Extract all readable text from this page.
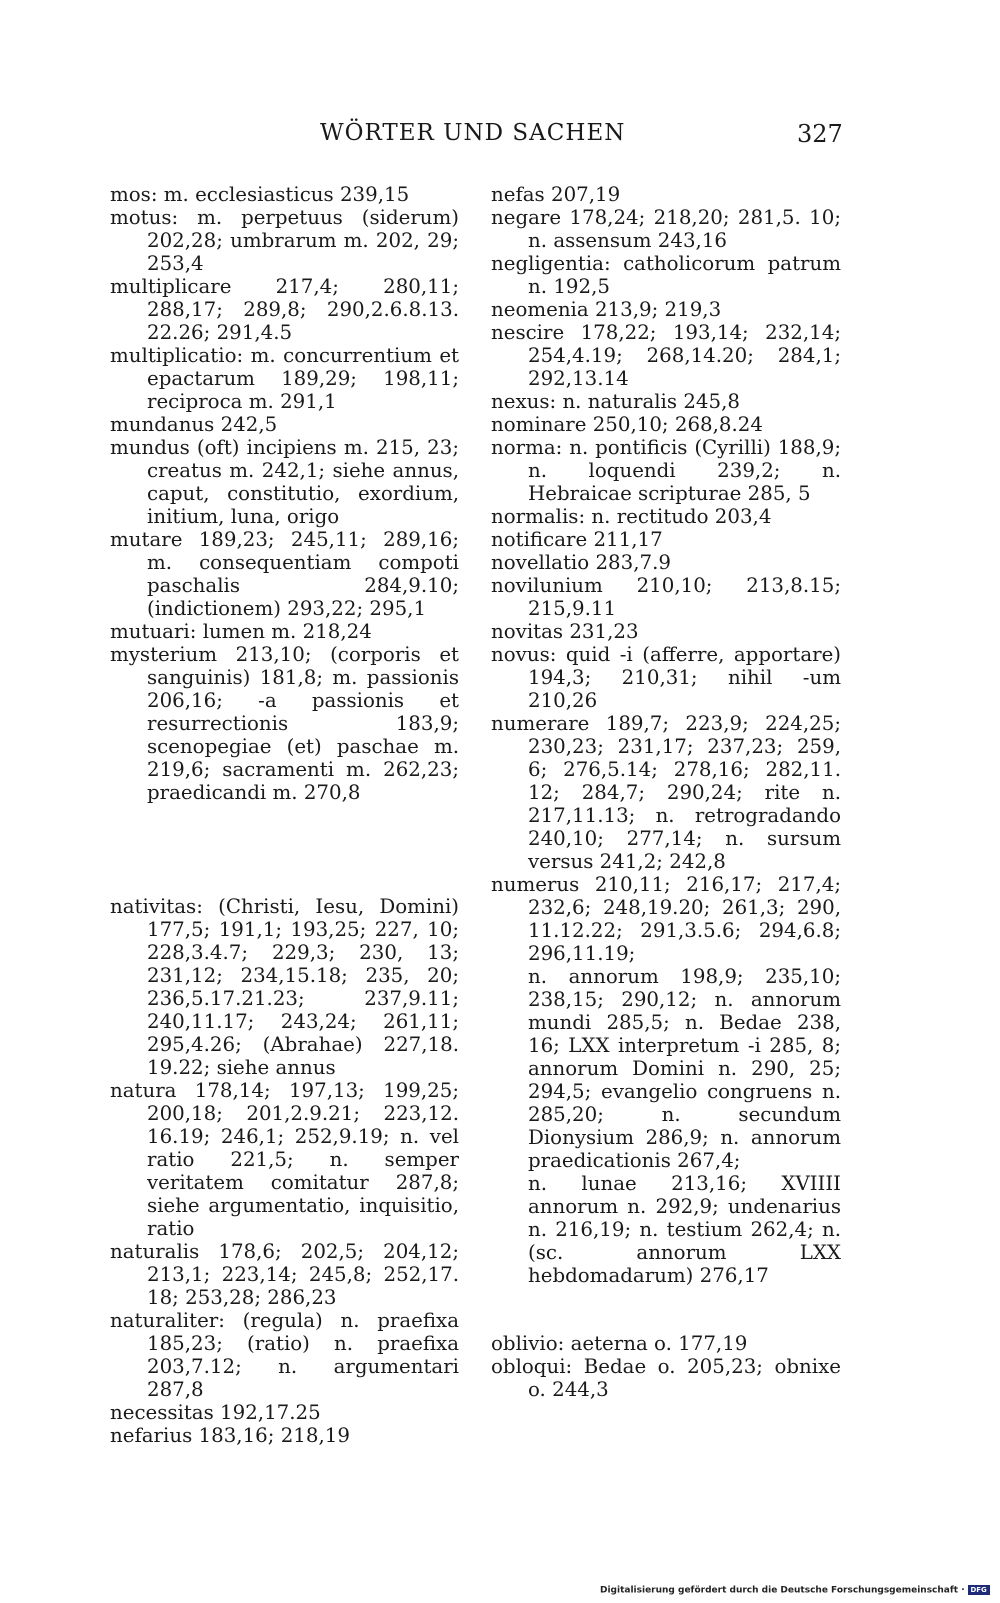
WÖRTER UND SACHEN	327

mos: m. ecclesiasticus 239,15

motus: m. perpetuus (siderum) 202,28; umbrarum m. 202, 29; 253,4

multiplicare 217,4; 280,11; 288,17; 289,8; 290,2.6.8.13. 22.26; 291,4.5

multiplicatio: m. concurrentium et epactarum 189,29; 198,11; reciproca m. 291,1

mundanus 242,5

mundus (oft) incipiens m. 215, 23; creatus m. 242,1; siehe annus, caput, constitutio, exordium, initium, luna, origo

mutare 189,23; 245,11; 289,16; m. consequentiam compoti paschalis 284,9.10; (indictionem) 293,22; 295,1

mutuari: lumen m. 218,24

mysterium 213,10; (corporis et sanguinis) 181,8; m. passionis 206,16; -a passionis et resurrectionis 183,9; scenopegiae (et) paschae m. 219,6; sacramenti m. 262,23; praedicandi m. 270,8

nativitas: (Christi, Iesu, Domini) 177,5; 191,1; 193,25; 227, 10; 228,3.4.7; 229,3; 230, 13; 231,12; 234,15.18; 235, 20; 236,5.17.21.23; 237,9.11; 240,11.17; 243,24; 261,11; 295,4.26; (Abrahae) 227,18. 19.22; siehe annus

natura 178,14; 197,13; 199,25; 200,18; 201,2.9.21; 223,12. 16.19; 246,1; 252,9.19; n. vel ratio 221,5; n. semper veritatem comitatur 287,8; siehe argumentatio, inquisitio, ratio

naturalis 178,6; 202,5; 204,12; 213,1; 223,14; 245,8; 252,17. 18; 253,28; 286,23

naturaliter: (regula) n. praefixa 185,23; (ratio) n. praefixa 203,7.12; n. argumentari 287,8

necessitas 192,17.25

nefarius 183,16; 218,19

nefas 207,19

negare 178,24; 218,20; 281,5. 10; n. assensum 243,16

negligentia: catholicorum patrum n. 192,5

neomenia 213,9; 219,3

nescire 178,22; 193,14; 232,14; 254,4.19; 268,14.20; 284,1; 292,13.14

nexus: n. naturalis 245,8

nominare 250,10; 268,8.24

norma: n. pontificis (Cyrilli) 188,9; n. loquendi 239,2; n. Hebraicae scripturae 285, 5

normalis: n. rectitudo 203,4

notificare 211,17

novellatio 283,7.9

novilunium 210,10; 213,8.15; 215,9.11

novitas 231,23

novus: quid -i (afferre, apportare) 194,3; 210,31; nihil -um 210,26

numerare 189,7; 223,9; 224,25; 230,23; 231,17; 237,23; 259, 6; 276,5.14; 278,16; 282,11. 12; 284,7; 290,24; rite n. 217,11.13; n. retrogradando 240,10; 277,14; n. sursum versus 241,2; 242,8

numerus 210,11; 216,17; 217,4; 232,6; 248,19.20; 261,3; 290, 11.12.22; 291,3.5.6; 294,6.8; 296,11.19;

n. annorum 198,9; 235,10; 238,15; 290,12; n. annorum mundi 285,5; n. Bedae 238, 16; LXX interpretum -i 285, 8; annorum Domini n. 290, 25; 294,5; evangelio congruens n. 285,20; n. secundum Dionysium 286,9; n. annorum praedicationis 267,4;

n. lunae 213,16; XVIIII annorum n. 292,9; undenarius n. 216,19; n. testium 262,4; n. (sc. annorum LXX hebdomadarum) 276,17

oblivio: aeterna o. 177,19

obloqui: Bedae o. 205,23; obnixe o. 244,3

Digitalisierung gefördert durch die Deutsche Forschungsgemeinschaft · DFG
